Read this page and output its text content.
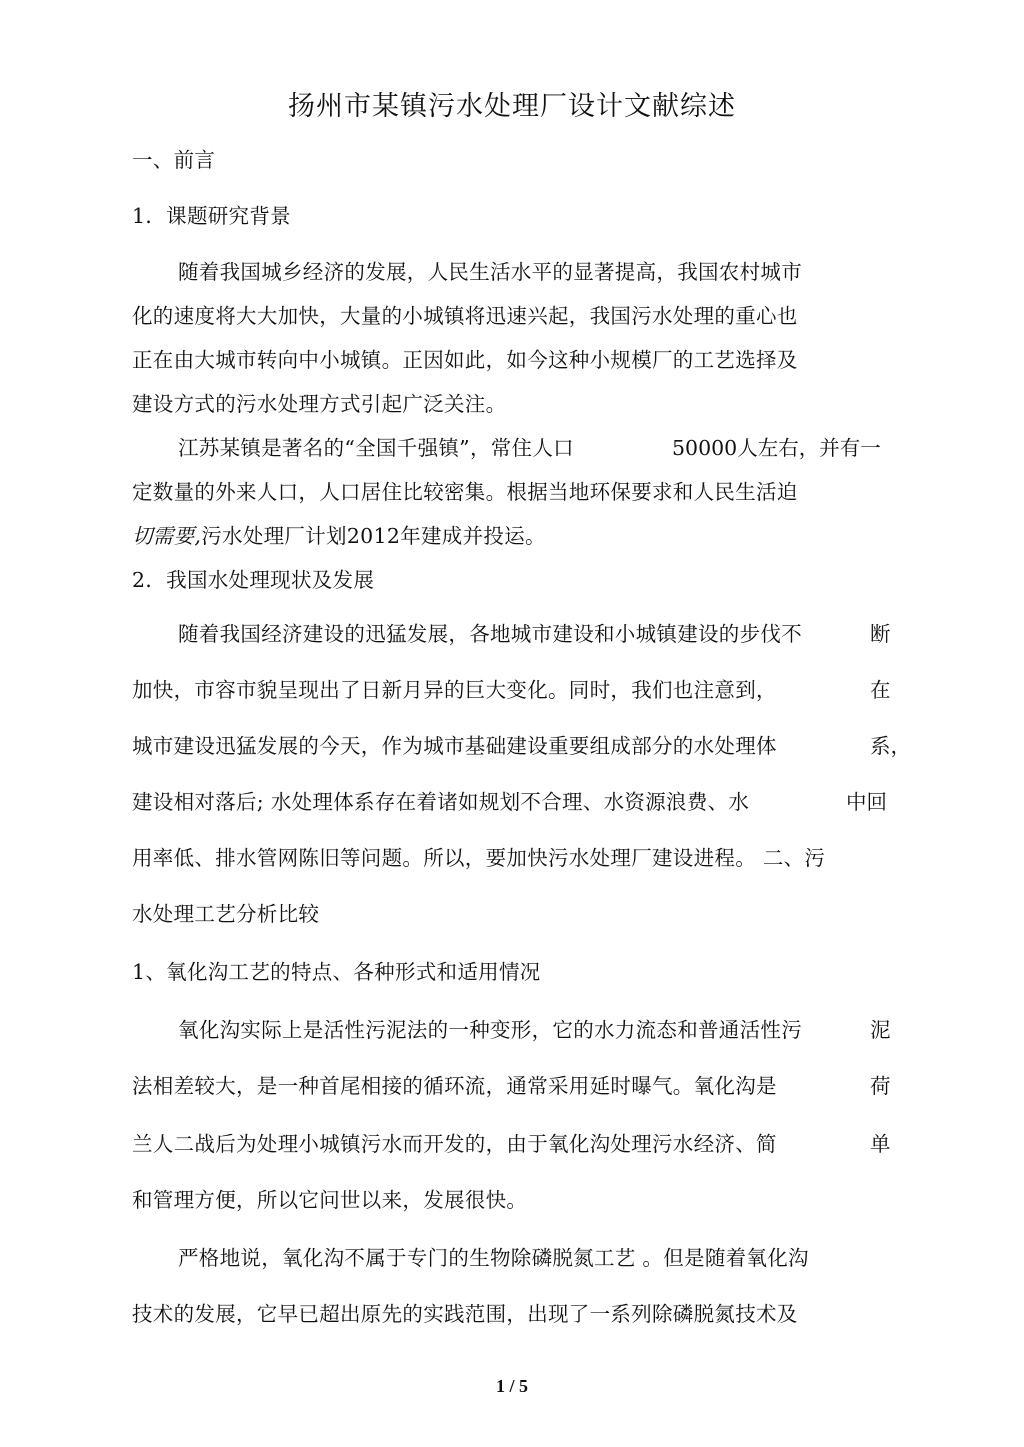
扬州市某镇污水处理厂设计文献综述
一、前言
1．课题研究背景
随着我国城乡经济的发展，人民生活水平的显著提高，我国农村城市
化的速度将大大加快，大量的小城镇将迅速兴起，我国污水处理的重心也
正在由大城市转向中小城镇。正因如此，如今这种小规模厂的工艺选择及
建设方式的污水处理方式引起广泛关注。
江苏某镇是著名的“全国千强镇”，常住人口	50000人左右，并有一
定数量的外来人口，人口居住比较密集。根据当地环保要求和人民生活迫
切需要,污水处理厂计划2012年建成并投运。
2．我国水处理现状及发展
随着我国经济建设的迅猛发展，各地城市建设和小城镇建设的步伐不	断
加快，市容市貌呈现出了日新月异的巨大变化。同时，我们也注意到，	在
城市建设迅猛发展的今天，作为城市基础建设重要组成部分的水处理体	系，
建设相对落后; 水处理体系存在着诸如规划不合理、水资源浪费、水	中回
用率低、排水管网陈旧等问题。所以，要加快污水处理厂建设进程。 二、污
水处理工艺分析比较
1、氧化沟工艺的特点、各种形式和适用情况
氧化沟实际上是活性污泥法的一种变形，它的水力流态和普通活性污	泥
法相差较大，是一种首尾相接的循环流，通常采用延时曝气。氧化沟是	荷
兰人二战后为处理小城镇污水而开发的，由于氧化沟处理污水经济、简	单
和管理方便，所以它问世以来，发展很快。
严格地说，氧化沟不属于专门的生物除磷脱氮工艺 。但是随着氧化沟
技术的发展，它早已超出原先的实践范围，出现了一系列除磷脱氮技术及
1 / 5
